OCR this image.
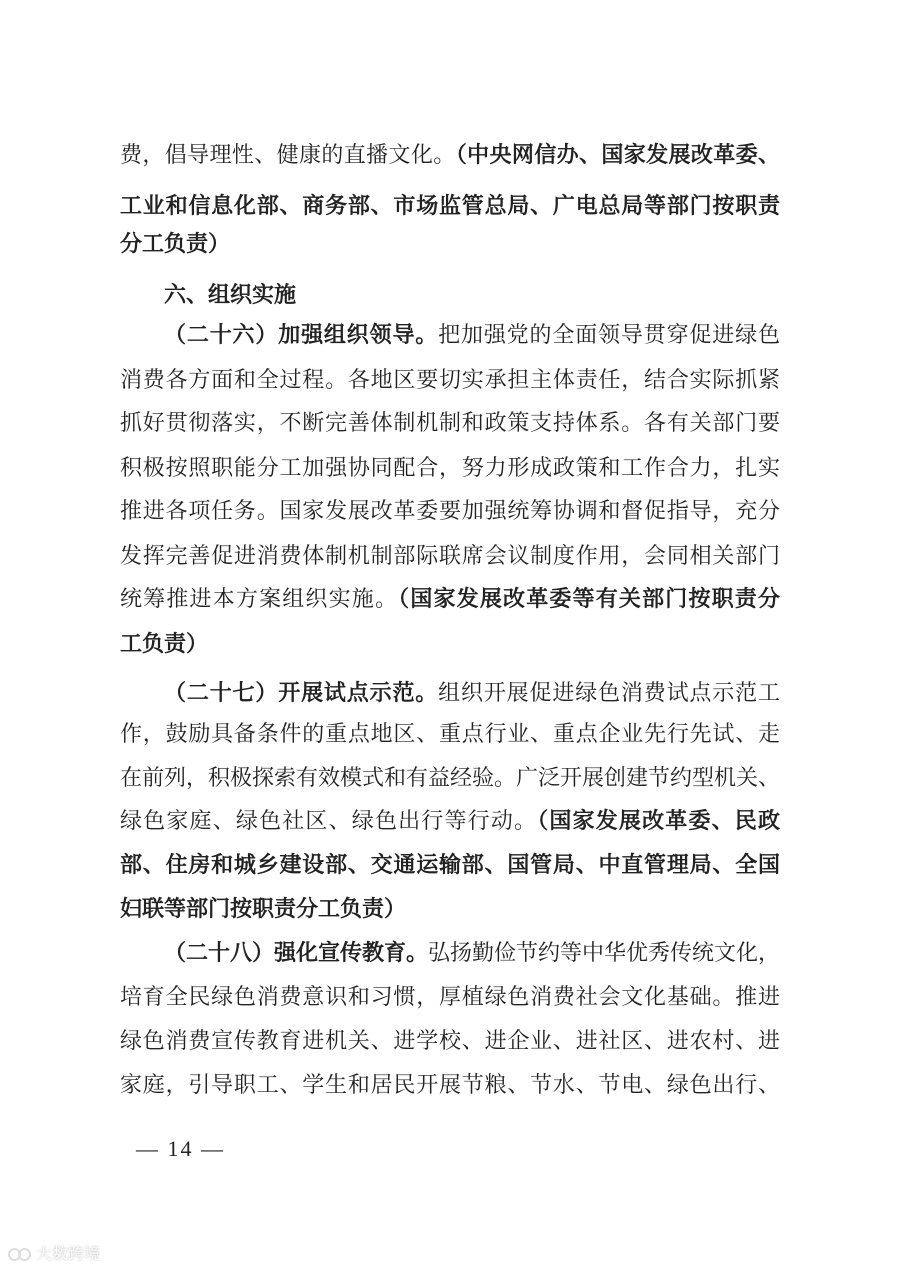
费，倡导理性、健康的直播文化。（中央网信办、国家发展改革委、
工业和信息化部、商务部、市场监管总局、广电总局等部门按职责
分工负责）
六、组织实施
（二十六）加强组织领导。把加强党的全面领导贯穿促进绿色
消费各方面和全过程。各地区要切实承担主体责任，结合实际抓紧
抓好贯彻落实，不断完善体制机制和政策支持体系。各有关部门要
积极按照职能分工加强协同配合，努力形成政策和工作合力，扎实
推进各项任务。国家发展改革委要加强统筹协调和督促指导，充分
发挥完善促进消费体制机制部际联席会议制度作用，会同相关部门
统筹推进本方案组织实施。（国家发展改革委等有关部门按职责分
工负责）
（二十七）开展试点示范。组织开展促进绿色消费试点示范工
作，鼓励具备条件的重点地区、重点行业、重点企业先行先试、走
在前列，积极探索有效模式和有益经验。广泛开展创建节约型机关、
绿色家庭、绿色社区、绿色出行等行动。（国家发展改革委、民政
部、住房和城乡建设部、交通运输部、国管局、中直管理局、全国
妇联等部门按职责分工负责）
（二十八）强化宣传教育。弘扬勤俭节约等中华优秀传统文化，
培育全民绿色消费意识和习惯，厚植绿色消费社会文化基础。推进
绿色消费宣传教育进机关、进学校、进企业、进社区、进农村、进
家庭，引导职工、学生和居民开展节粮、节水、节电、绿色出行、
— 14 —
大数跨境
